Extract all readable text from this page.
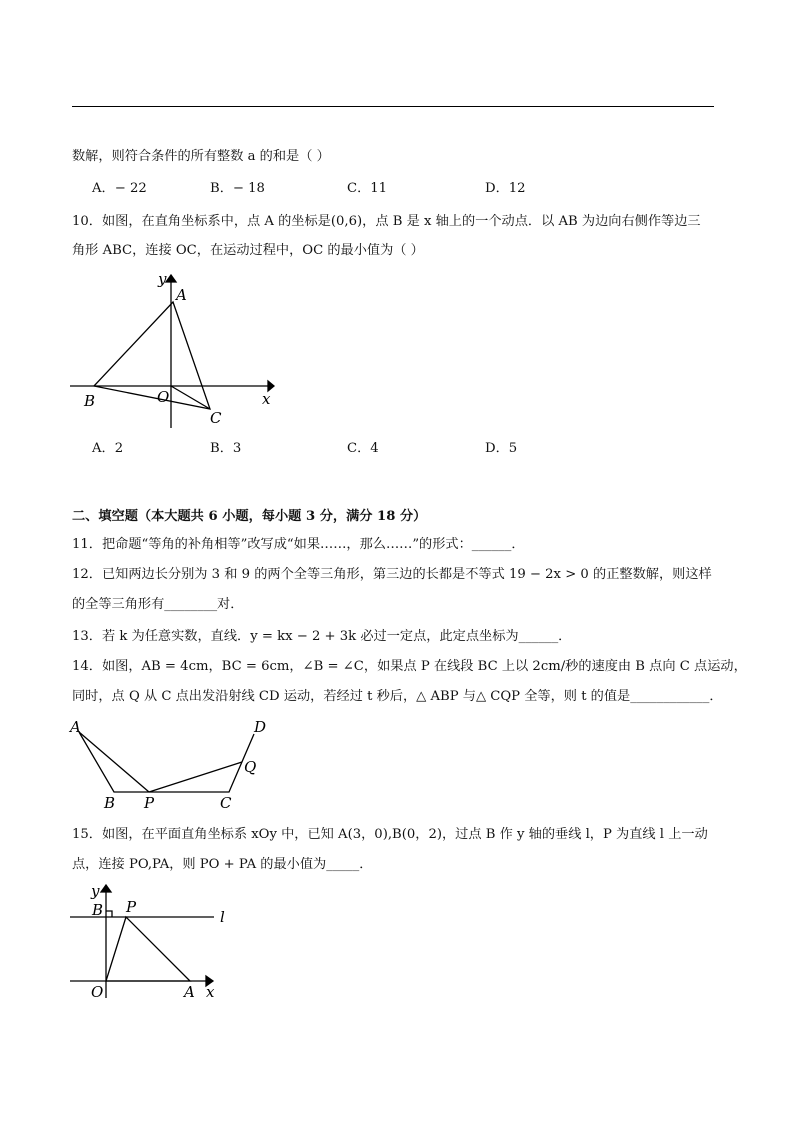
数解，则符合条件的所有整数 a 的和是（ ）
A．− 22	B．− 18	C．11	D．12
10．如图，在直角坐标系中，点 A 的坐标是(0,6)，点 B 是 x 轴上的一个动点．以 AB 为边向右侧作等边三
角形 ABC，连接 OC，在运动过程中，OC 的最小值为（ ）
y
A
B	O
C
x
A．2	B．3	C．4	D．5
二、填空题（本大题共 6 小题，每小题 3 分，满分 18 分）
11．把命题“等角的补角相等”改写成“如果……，那么……”的形式：______．
12．已知两边长分别为 3 和 9 的两个全等三角形，第三边的长都是不等式 19 − 2x > 0 的正整数解，则这样
的全等三角形有________对．
13．若 k 为任意实数，直线．y = kx − 2 + 3k 必过一定点，此定点坐标为______．
14．如图，AB = 4cm，BC = 6cm，∠B = ∠C，如果点 P 在线段 BC 上以 2cm/秒的速度由 B 点向 C 点运动，
同时，点 Q 从 C 点出发沿射线 CD 运动，若经过 t 秒后，△ ABP 与△ CQP 全等，则 t 的值是____________．
A
B P	C
D
Q
15．如图，在平面直角坐标系 xOy 中，已知 A(3，0),B(0，2)，过点 B 作 y 轴的垂线 l，P 为直线 l 上一动
点，连接 PO,PA，则 PO + PA 的最小值为_____．
y
B P
l
O	A x
